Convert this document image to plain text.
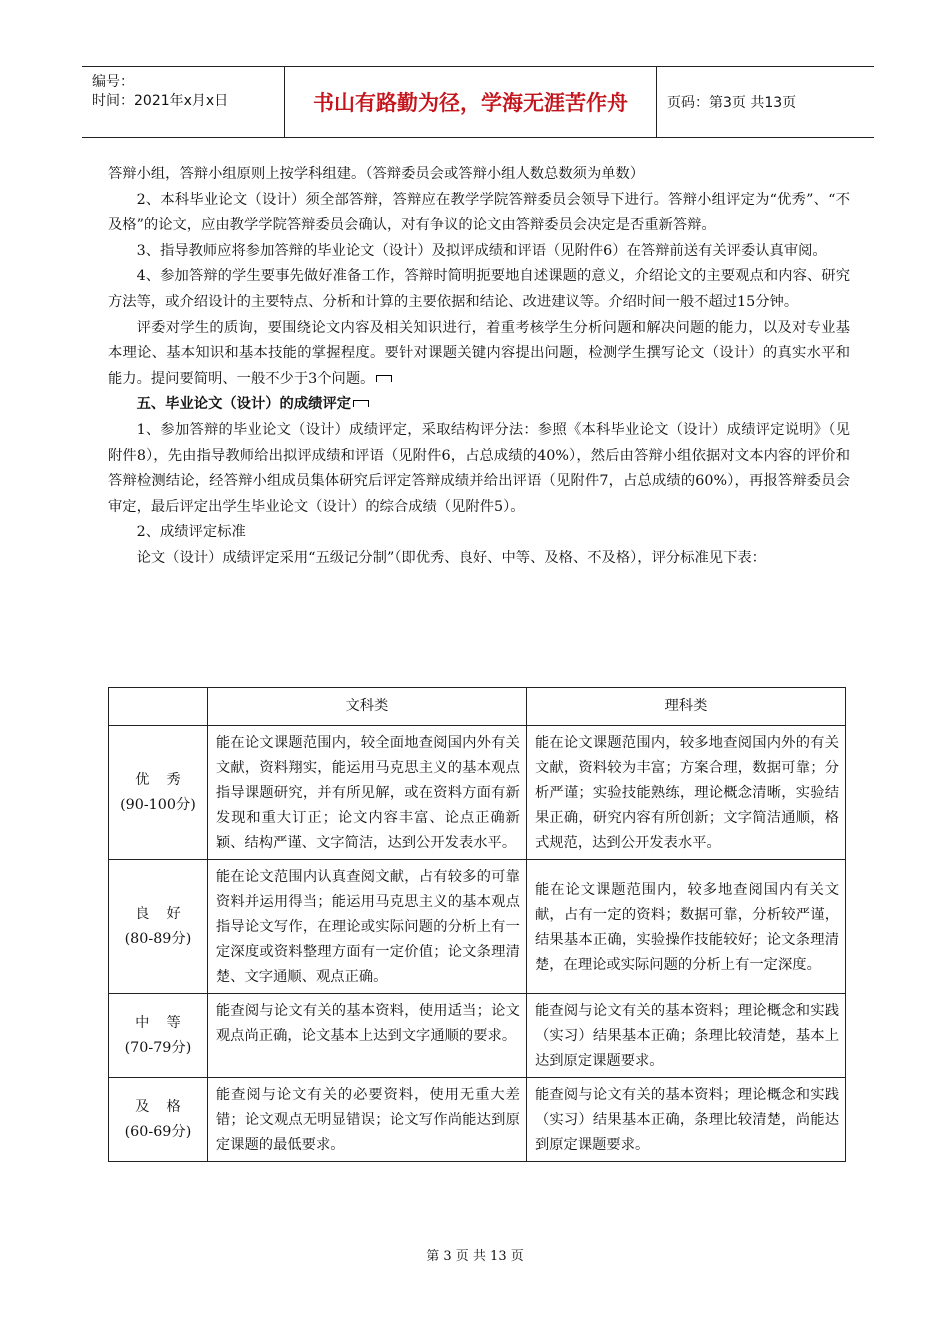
编号：
时间：2021年x月x日	书山有路勤为径，学海无涯苦作舟	页码：第3页 共13页

答辩小组，答辩小组原则上按学科组建。（答辩委员会或答辩小组人数总数须为单数）

2、本科毕业论文（设计）须全部答辩，答辩应在教学学院答辩委员会领导下进行。答辩小组评定为“优秀”、“不及格”的论文，应由教学学院答辩委员会确认，对有争议的论文由答辩委员会决定是否重新答辩。

3、指导教师应将参加答辩的毕业论文（设计）及拟评成绩和评语（见附件6）在答辩前送有关评委认真审阅。

4、参加答辩的学生要事先做好准备工作，答辩时简明扼要地自述课题的意义，介绍论文的主要观点和内容、研究方法等，或介绍设计的主要特点、分析和计算的主要依据和结论、改进建议等。介绍时间一般不超过15分钟。

评委对学生的质询，要围绕论文内容及相关知识进行，着重考核学生分析问题和解决问题的能力，以及对专业基本理论、基本知识和基本技能的掌握程度。要针对课题关键内容提出问题，检测学生撰写论文（设计）的真实水平和能力。提问要简明、一般不少于3个问题。

五、毕业论文（设计）的成绩评定

1、参加答辩的毕业论文（设计）成绩评定，采取结构评分法：参照《本科毕业论文（设计）成绩评定说明》（见附件8），先由指导教师给出拟评成绩和评语（见附件6，占总成绩的40%），然后由答辩小组依据对文本内容的评价和答辩检测结论，经答辩小组成员集体研究后评定答辩成绩并给出评语（见附件7，占总成绩的60%），再报答辩委员会审定，最后评定出学生毕业论文（设计）的综合成绩（见附件5）。

2、成绩评定标准

论文（设计）成绩评定采用“五级记分制”（即优秀、良好、中等、及格、不及格），评分标准见下表：

	文科类	理科类
优秀
(90-100分)	能在论文课题范围内，较全面地查阅国内外有关文献，资料翔实，能运用马克思主义的基本观点指导课题研究，并有所见解，或在资料方面有新发现和重大订正；论文内容丰富、论点正确新颖、结构严谨、文字简洁，达到公开发表水平。	能在论文课题范围内，较多地查阅国内外的有关文献，资料较为丰富；方案合理，数据可靠；分析严谨；实验技能熟练，理论概念清晰，实验结果正确，研究内容有所创新；文字简洁通顺，格式规范，达到公开发表水平。
良好
(80-89分)	能在论文范围内认真查阅文献，占有较多的可靠资料并运用得当；能运用马克思主义的基本观点指导论文写作，在理论或实际问题的分析上有一定深度或资料整理方面有一定价值；论文条理清楚、文字通顺、观点正确。	能在论文课题范围内，较多地查阅国内有关文献，占有一定的资料；数据可靠，分析较严谨，结果基本正确，实验操作技能较好；论文条理清楚，在理论或实际问题的分析上有一定深度。
中等
(70-79分)	能查阅与论文有关的基本资料，使用适当；论文观点尚正确，论文基本上达到文字通顺的要求。	能查阅与论文有关的基本资料；理论概念和实践（实习）结果基本正确；条理比较清楚，基本上达到原定课题要求。
及格
(60-69分)	能查阅与论文有关的必要资料，使用无重大差错；论文观点无明显错误；论文写作尚能达到原定课题的最低要求。	能查阅与论文有关的基本资料；理论概念和实践（实习）结果基本正确，条理比较清楚，尚能达到原定课题要求。
第 3 页 共 13 页
